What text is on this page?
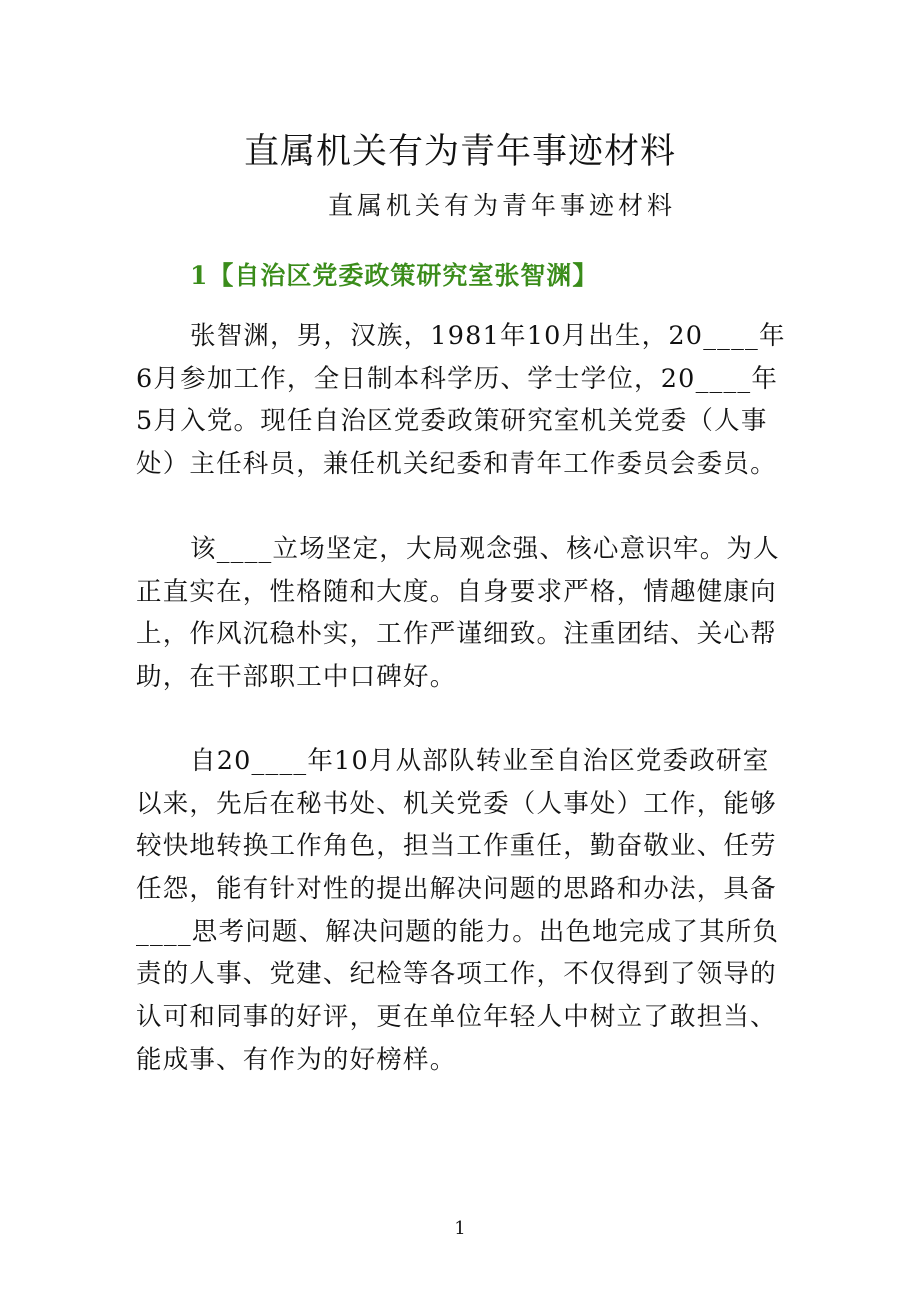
直属机关有为青年事迹材料
直属机关有为青年事迹材料
1【自治区党委政策研究室张智渊】
张智渊，男，汉族，1981年10月出生，20____年
6月参加工作，全日制本科学历、学士学位，20____年
5月入党。现任自治区党委政策研究室机关党委（人事
处）主任科员，兼任机关纪委和青年工作委员会委员。
该____立场坚定，大局观念强、核心意识牢。为人
正直实在，性格随和大度。自身要求严格，情趣健康向
上，作风沉稳朴实，工作严谨细致。注重团结、关心帮
助，在干部职工中口碑好。
自20____年10月从部队转业至自治区党委政研室
以来，先后在秘书处、机关党委（人事处）工作，能够
较快地转换工作角色，担当工作重任，勤奋敬业、任劳
任怨，能有针对性的提出解决问题的思路和办法，具备
____思考问题、解决问题的能力。出色地完成了其所负
责的人事、党建、纪检等各项工作，不仅得到了领导的
认可和同事的好评，更在单位年轻人中树立了敢担当、
能成事、有作为的好榜样。
1
